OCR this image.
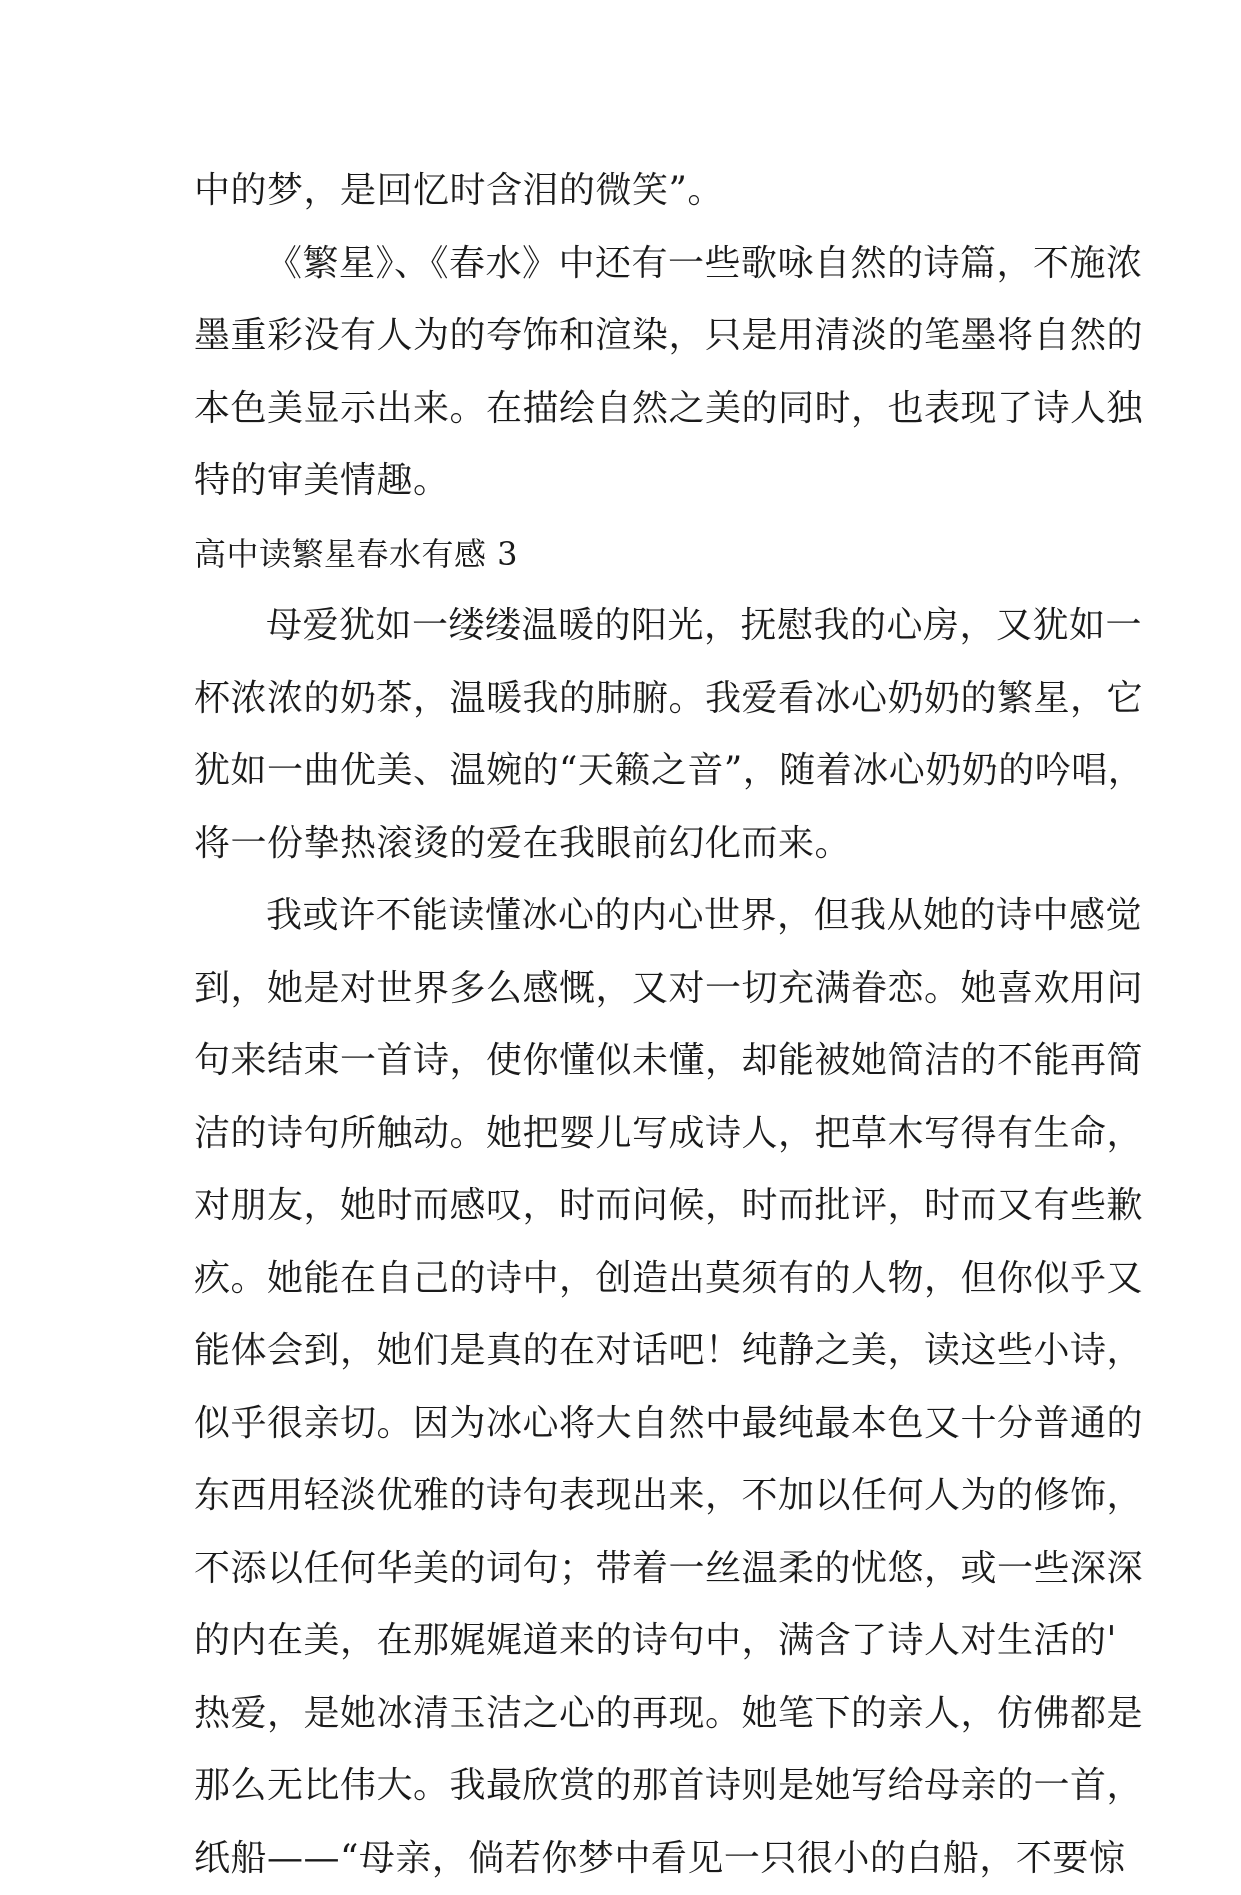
中的梦，是回忆时含泪的微笑”。
《繁星》、《春水》中还有一些歌咏自然的诗篇，不施浓
墨重彩没有人为的夸饰和渲染，只是用清淡的笔墨将自然的
本色美显示出来。在描绘自然之美的同时，也表现了诗人独
特的审美情趣。
高中读繁星春水有感 3
母爱犹如一缕缕温暖的阳光，抚慰我的心房，又犹如一
杯浓浓的奶茶，温暖我的肺腑。我爱看冰心奶奶的繁星，它
犹如一曲优美、温婉的“天籁之音”，随着冰心奶奶的吟唱，
将一份挚热滚烫的爱在我眼前幻化而来。
我或许不能读懂冰心的内心世界，但我从她的诗中感觉
到，她是对世界多么感慨，又对一切充满眷恋。她喜欢用问
句来结束一首诗，使你懂似未懂，却能被她简洁的不能再简
洁的诗句所触动。她把婴儿写成诗人，把草木写得有生命，
对朋友，她时而感叹，时而问候，时而批评，时而又有些歉
疚。她能在自己的诗中，创造出莫须有的人物，但你似乎又
能体会到，她们是真的在对话吧！纯静之美，读这些小诗，
似乎很亲切。因为冰心将大自然中最纯最本色又十分普通的
东西用轻淡优雅的诗句表现出来，不加以任何人为的修饰，
不添以任何华美的词句；带着一丝温柔的忧悠，或一些深深
的内在美，在那娓娓道来的诗句中，满含了诗人对生活的'
热爱，是她冰清玉洁之心的再现。她笔下的亲人，仿佛都是
那么无比伟大。我最欣赏的那首诗则是她写给母亲的一首，
纸船——“母亲，倘若你梦中看见一只很小的白船，不要惊
